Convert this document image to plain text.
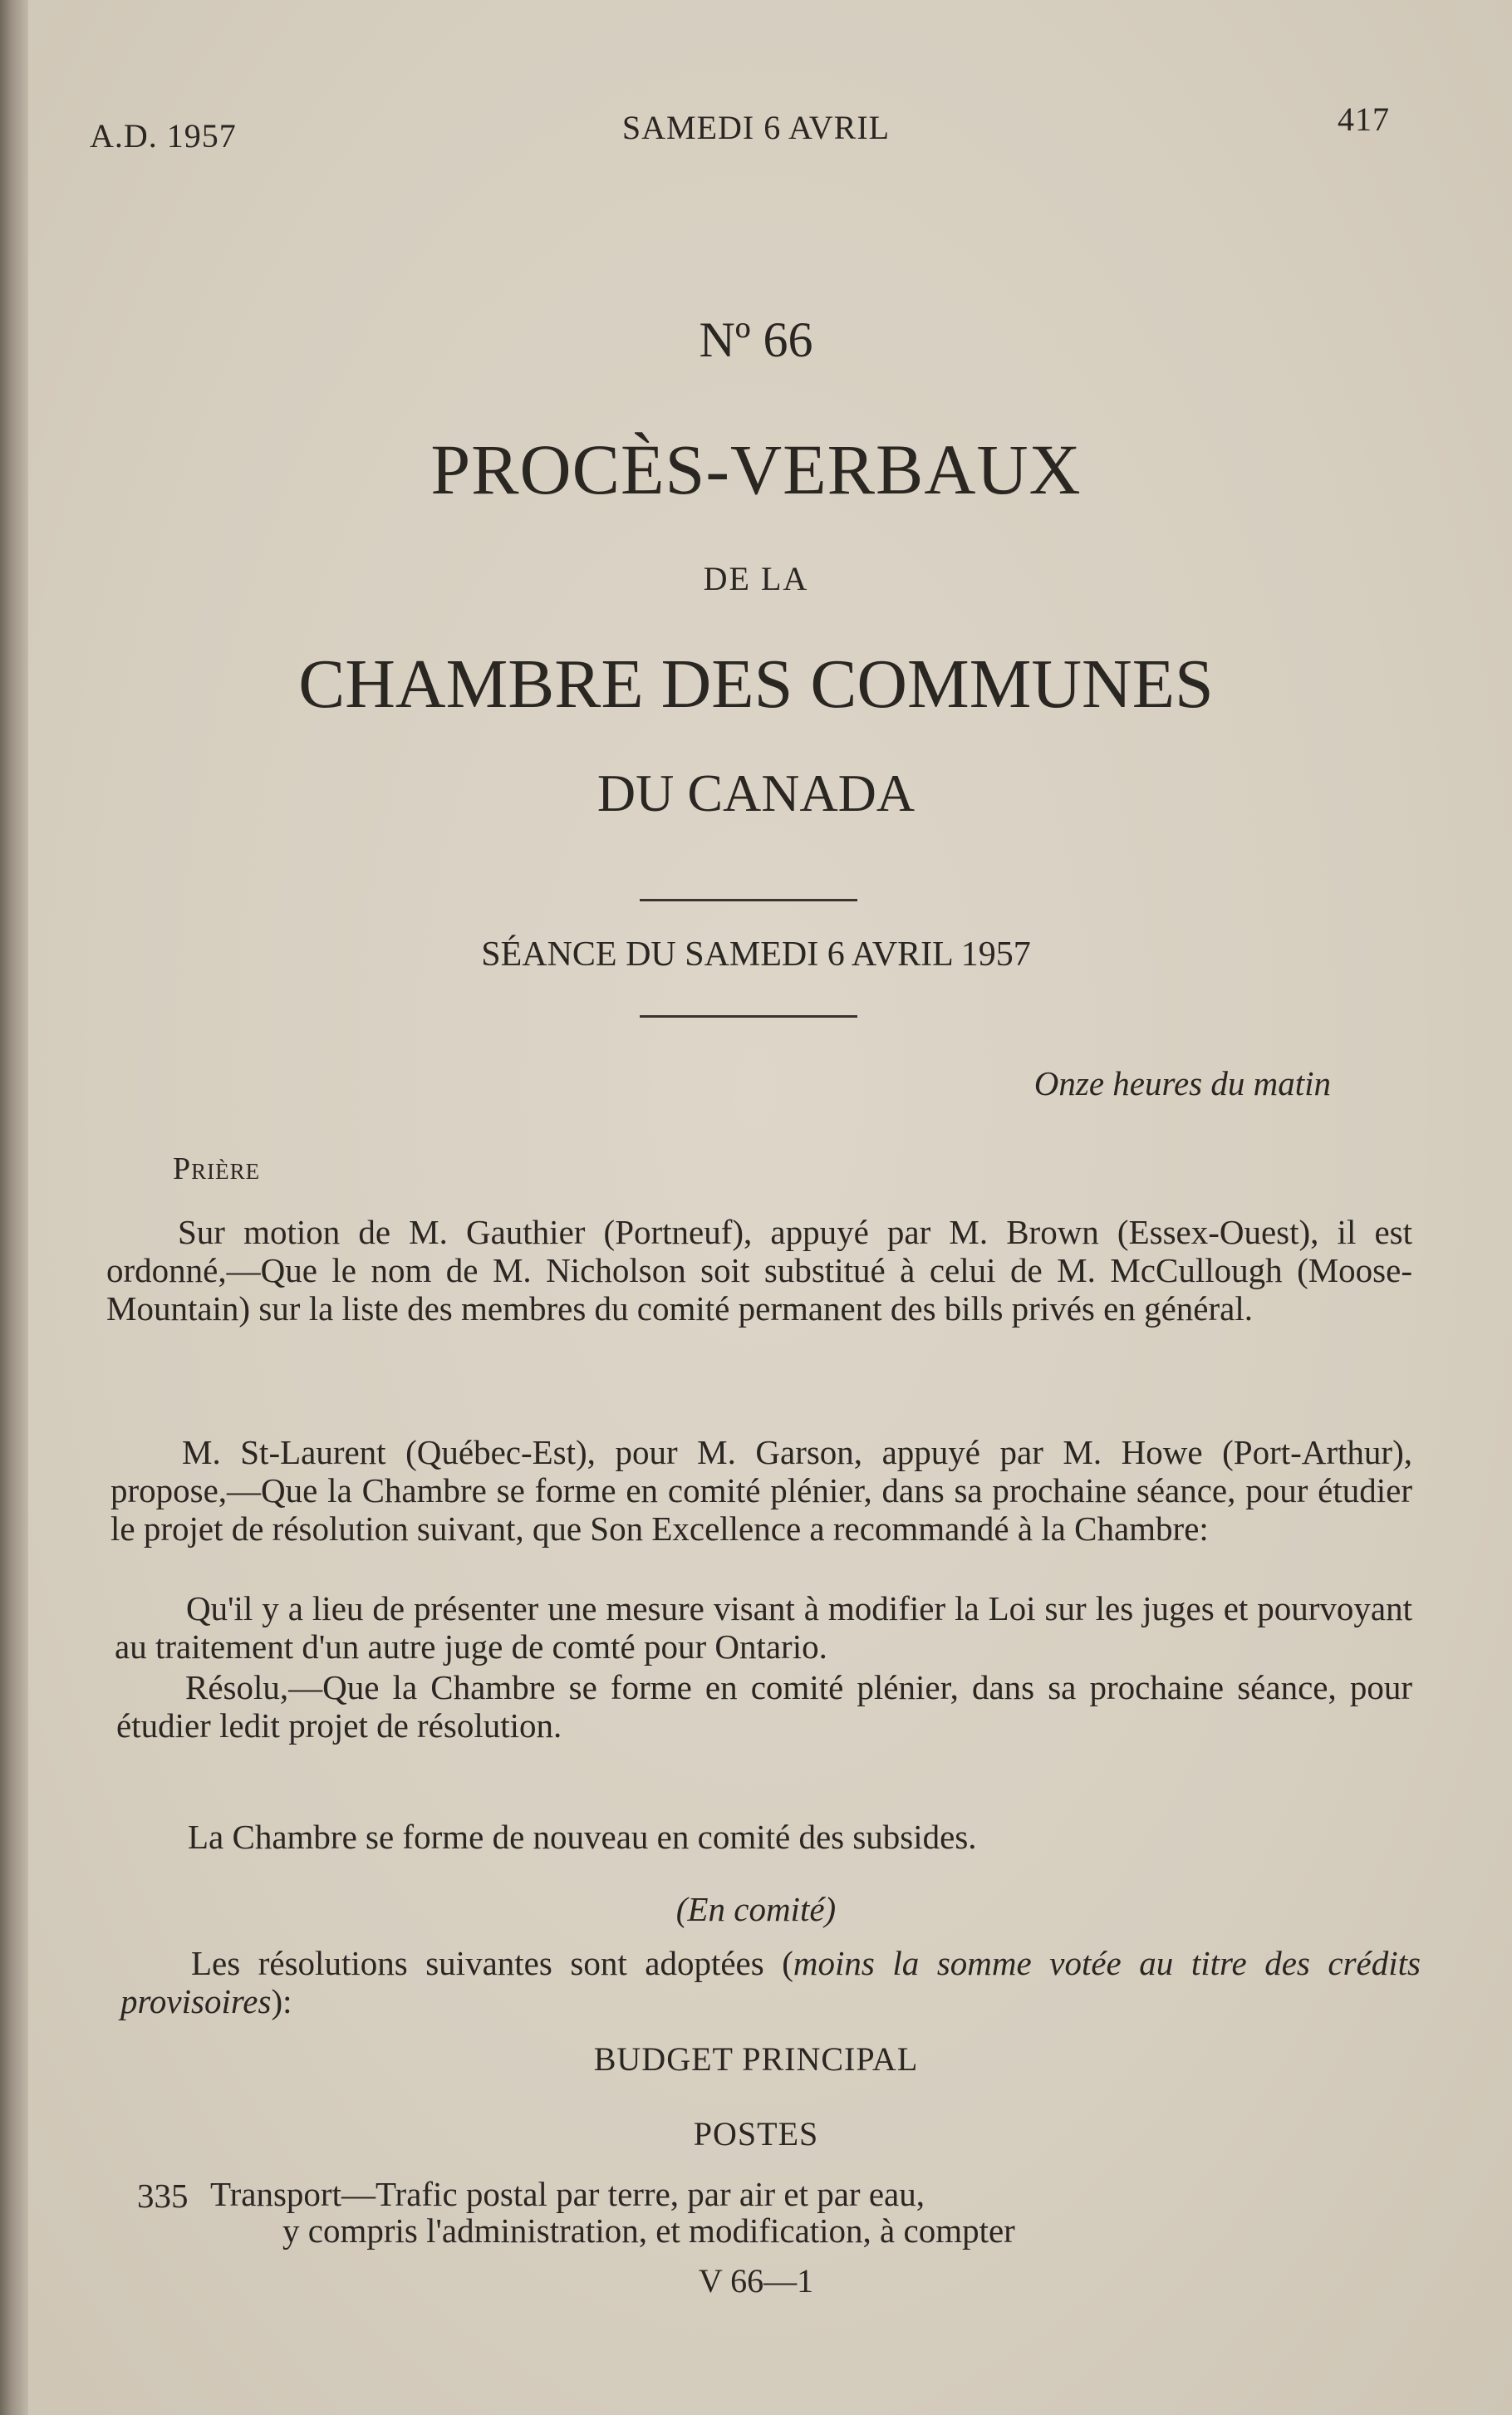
A.D. 1957	SAMEDI 6 AVRIL	417
Nº 66
PROCÈS-VERBAUX
DE LA
CHAMBRE DES COMMUNES
DU CANADA
SÉANCE DU SAMEDI 6 AVRIL 1957
Onze heures du matin
Prière
Sur motion de M. Gauthier (Portneuf), appuyé par M. Brown (Essex-Ouest), il est ordonné,—Que le nom de M. Nicholson soit substitué à celui de M. McCullough (Moose-Mountain) sur la liste des membres du comité permanent des bills privés en général.
M. St-Laurent (Québec-Est), pour M. Garson, appuyé par M. Howe (Port-Arthur), propose,—Que la Chambre se forme en comité plénier, dans sa prochaine séance, pour étudier le projet de résolution suivant, que Son Excellence a recommandé à la Chambre:
Qu'il y a lieu de présenter une mesure visant à modifier la Loi sur les juges et pourvoyant au traitement d'un autre juge de comté pour Ontario.
Résolu,—Que la Chambre se forme en comité plénier, dans sa prochaine séance, pour étudier ledit projet de résolution.
La Chambre se forme de nouveau en comité des subsides.
(En comité)
Les résolutions suivantes sont adoptées (moins la somme votée au titre des crédits provisoires):
BUDGET PRINCIPAL
POSTES
335 Transport—Trafic postal par terre, par air et par eau,
y compris l'administration, et modification, à compter
V 66—1
